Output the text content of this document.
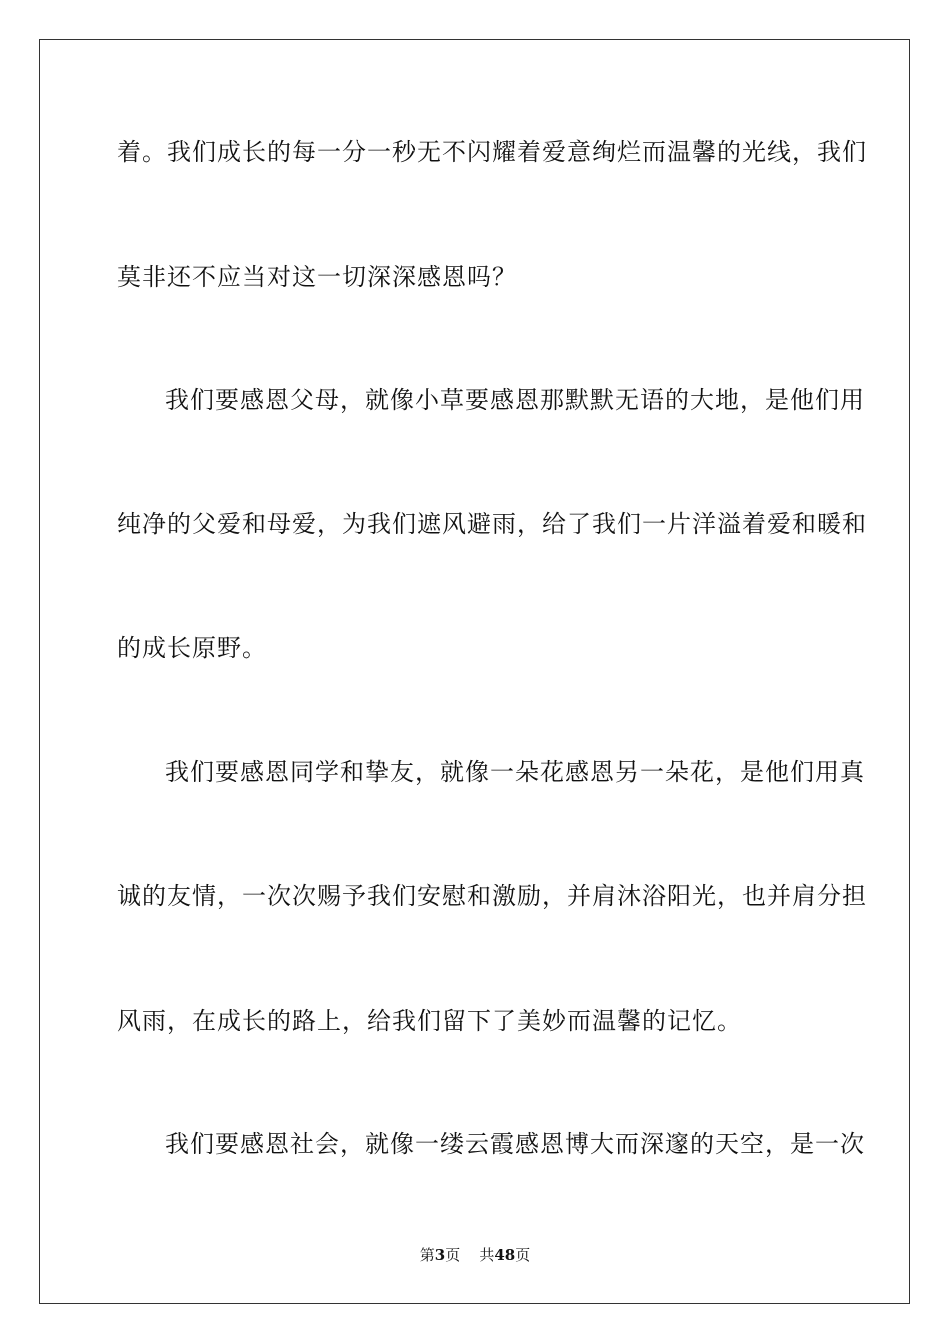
着。我们成长的每一分一秒无不闪耀着爱意绚烂而温馨的光线，我们
莫非还不应当对这一切深深感恩吗？
我们要感恩父母，就像小草要感恩那默默无语的大地，是他们用
纯净的父爱和母爱，为我们遮风避雨，给了我们一片洋溢着爱和暖和
的成长原野。
我们要感恩同学和挚友，就像一朵花感恩另一朵花，是他们用真
诚的友情，一次次赐予我们安慰和激励，并肩沐浴阳光，也并肩分担
风雨，在成长的路上，给我们留下了美妙而温馨的记忆。
我们要感恩社会，就像一缕云霞感恩博大而深邃的天空，是一次
第3页 共48页
